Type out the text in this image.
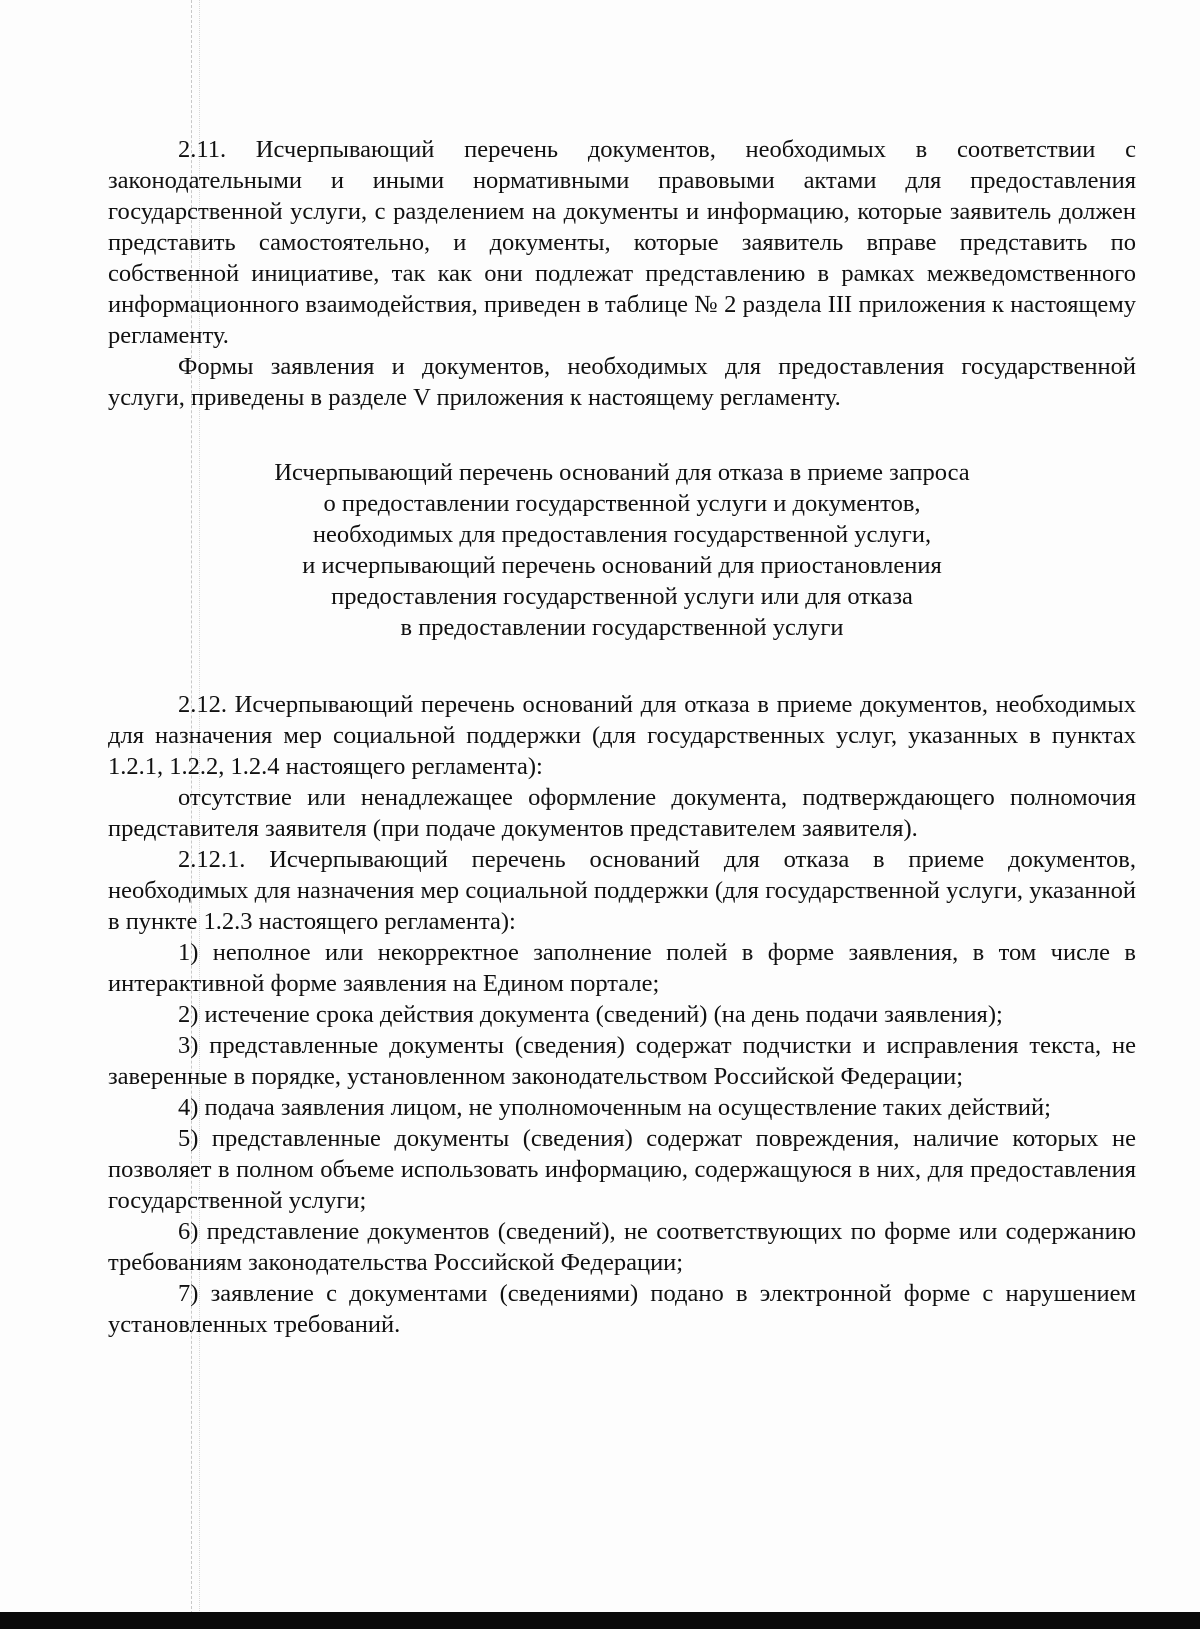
2.11. Исчерпывающий перечень документов, необходимых в соответствии с законодательными и иными нормативными правовыми актами для предоставления государственной услуги, с разделением на документы и информацию, которые заявитель должен представить самостоятельно, и документы, которые заявитель вправе представить по собственной инициативе, так как они подлежат представлению в рамках межведомственного информационного взаимодействия, приведен в таблице № 2 раздела III приложения к настоящему регламенту.

Формы заявления и документов, необходимых для предоставления государственной услуги, приведены в разделе V приложения к настоящему регламенту.

Исчерпывающий перечень оснований для отказа в приеме запроса
о предоставлении государственной услуги и документов,
необходимых для предоставления государственной услуги,
и исчерпывающий перечень оснований для приостановления
предоставления государственной услуги или для отказа
в предоставлении государственной услуги

2.12. Исчерпывающий перечень оснований для отказа в приеме документов, необходимых для назначения мер социальной поддержки (для государственных услуг, указанных в пунктах 1.2.1, 1.2.2, 1.2.4 настоящего регламента):

отсутствие или ненадлежащее оформление документа, подтверждающего полномочия представителя заявителя (при подаче документов представителем заявителя).

2.12.1. Исчерпывающий перечень оснований для отказа в приеме документов, необходимых для назначения мер социальной поддержки (для государственной услуги, указанной в пункте 1.2.3 настоящего регламента):

1) неполное или некорректное заполнение полей в форме заявления, в том числе в интерактивной форме заявления на Едином портале;

2) истечение срока действия документа (сведений) (на день подачи заявления);

3) представленные документы (сведения) содержат подчистки и исправления текста, не заверенные в порядке, установленном законодательством Российской Федерации;

4) подача заявления лицом, не уполномоченным на осуществление таких действий;

5) представленные документы (сведения) содержат повреждения, наличие которых не позволяет в полном объеме использовать информацию, содержащуюся в них, для предоставления государственной услуги;

6) представление документов (сведений), не соответствующих по форме или содержанию требованиям законодательства Российской Федерации;

7) заявление с документами (сведениями) подано в электронной форме с нарушением установленных требований.
